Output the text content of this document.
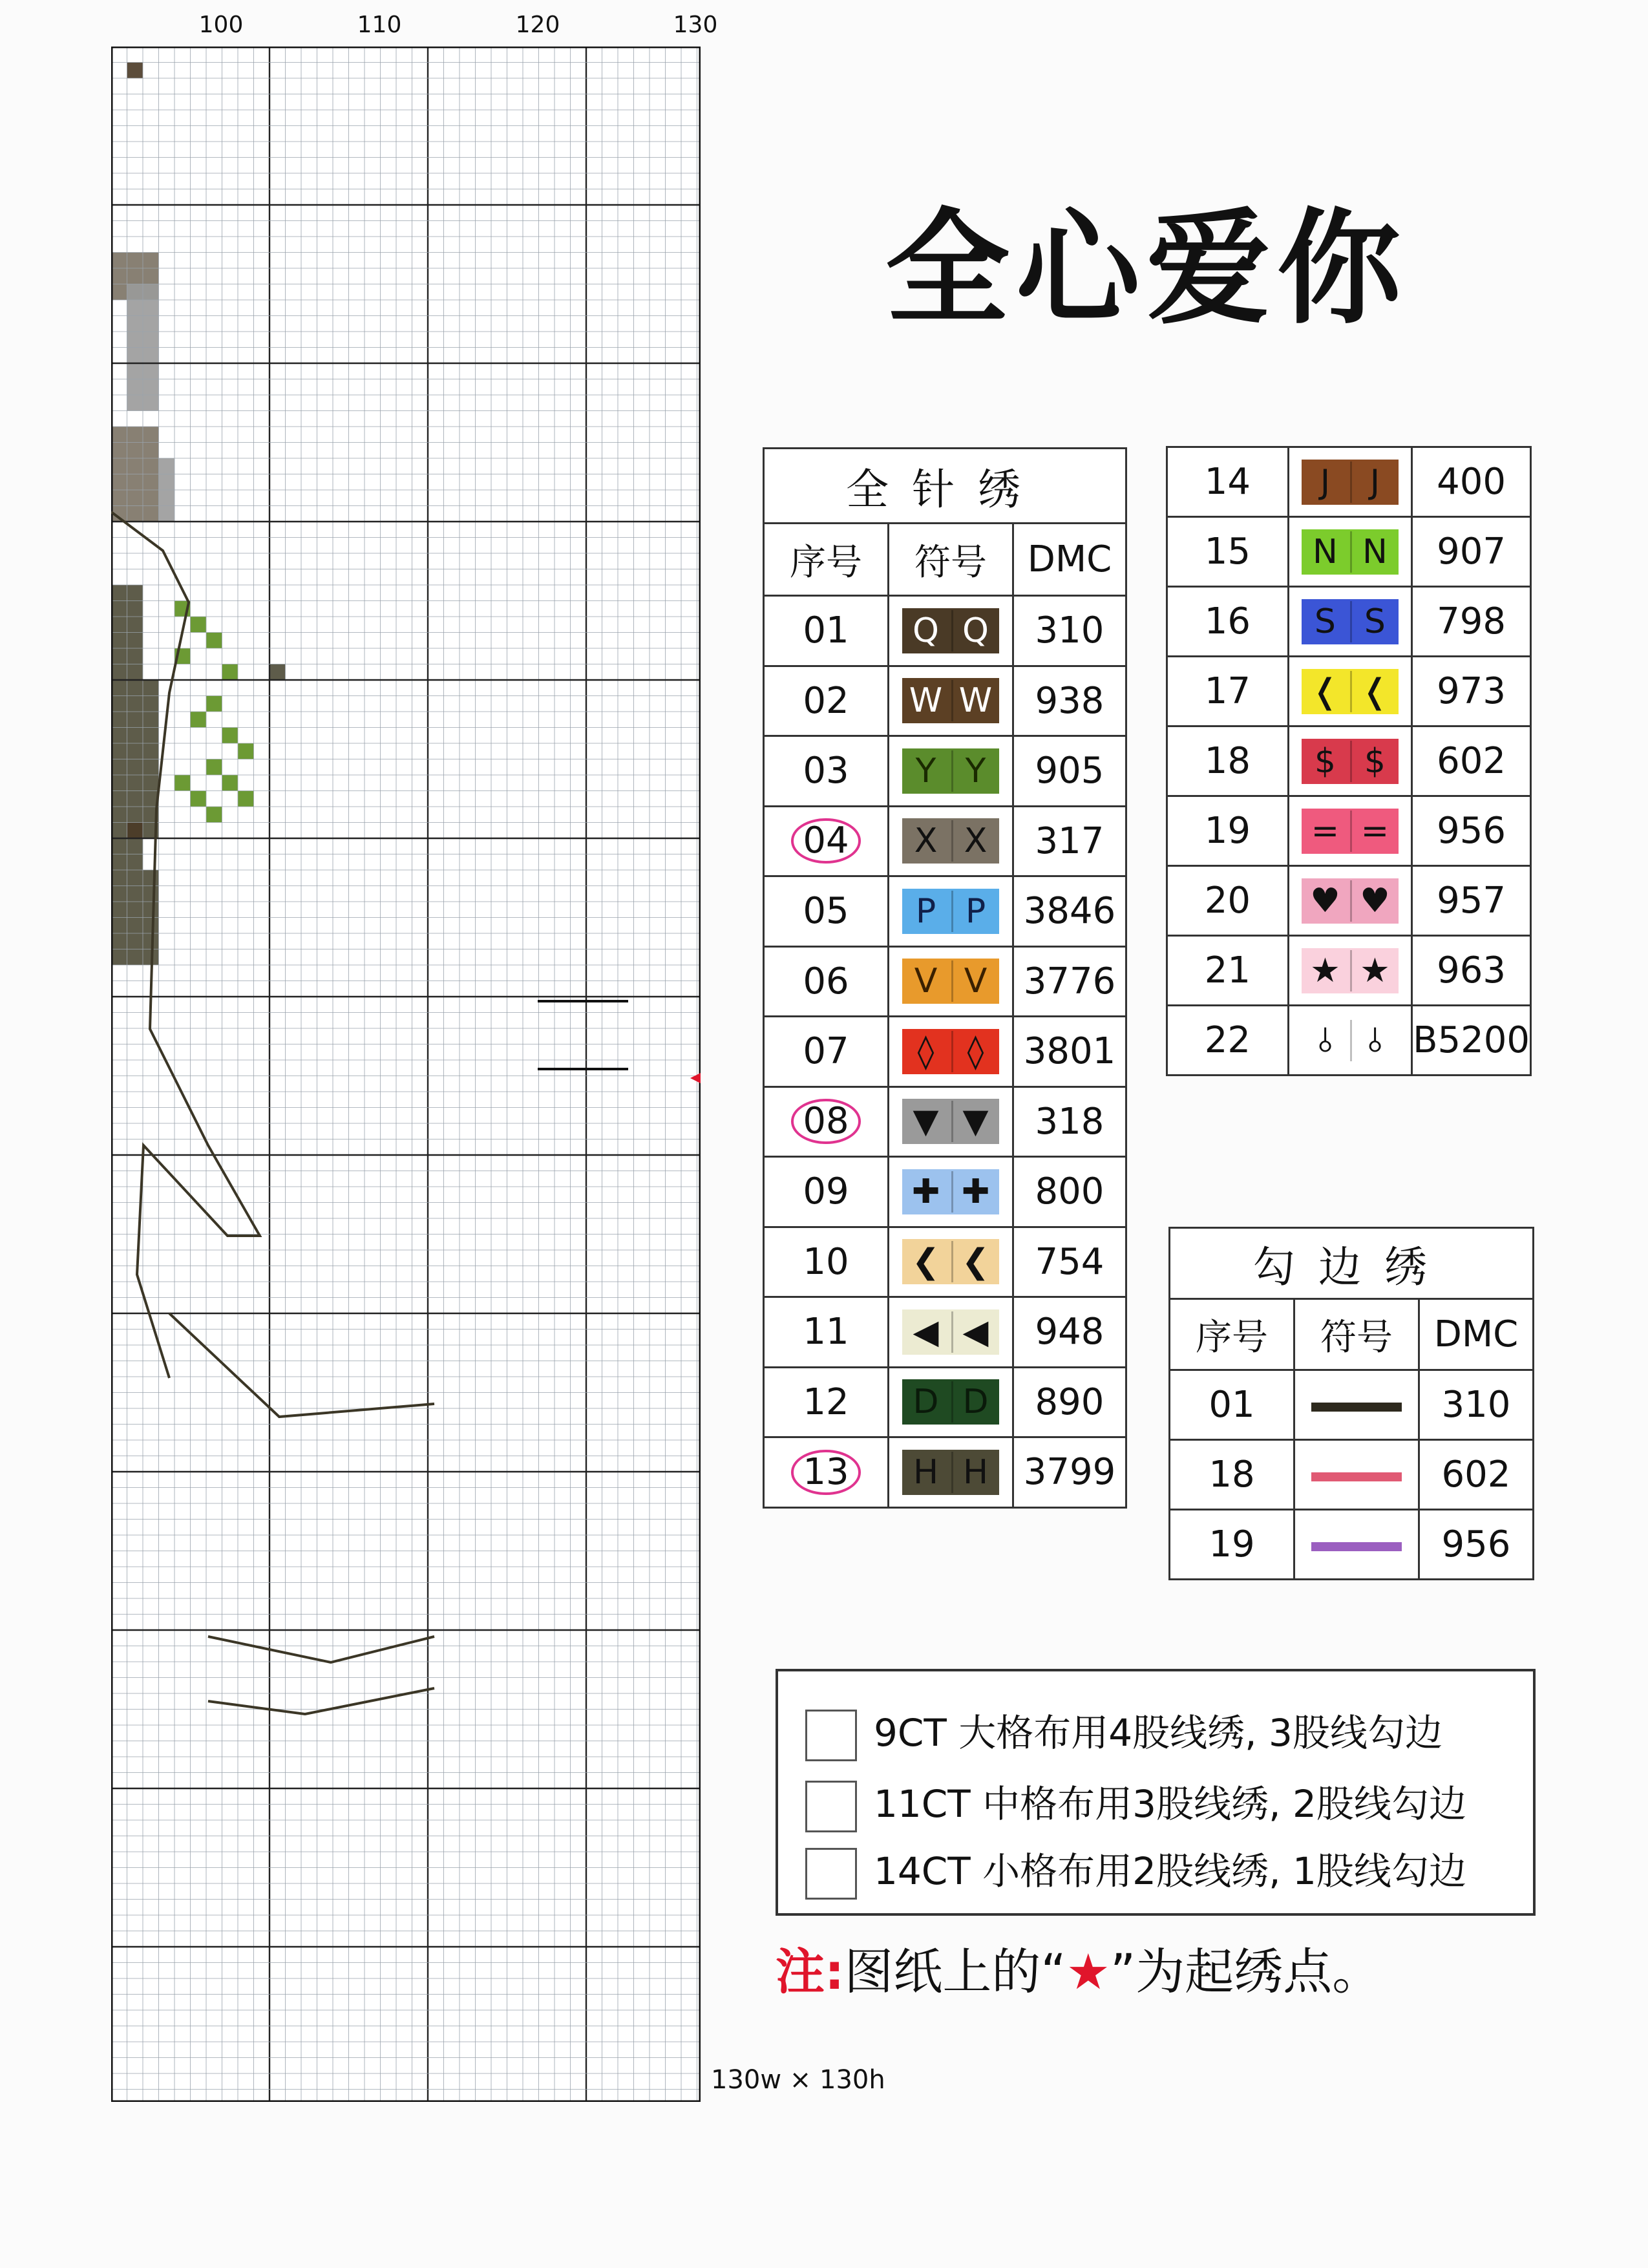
100	110	120	130
130w × 130h
全心爱你
全针绣		
序号	符号	DMC
01	Q Q	310
02	W W	938
03	Y Y	905
04	X X	317
05	P P	3846
06	V V	3776
07	◊ ◊	3801
08	▼ ▼	318
09	✚ ✚	800
10	❮ ❮	754
11	◀ ◀	948
12	D D	890
13	H H	3799
14	J J	400
15	N N	907
16	S S	798
17	❬ ❬	973
18	$ $	602
19	= =	956
20	♥ ♥	957
21	★ ★	963
22	⫰ ⫰	B5200
勾边绣		
序号	符号	DMC
01		310
18		602
19		956
9CT 大格布用4股线绣, 3股线勾边
11CT 中格布用3股线绣, 2股线勾边
14CT 小格布用2股线绣, 1股线勾边
注:图纸上的“★”为起绣点。
